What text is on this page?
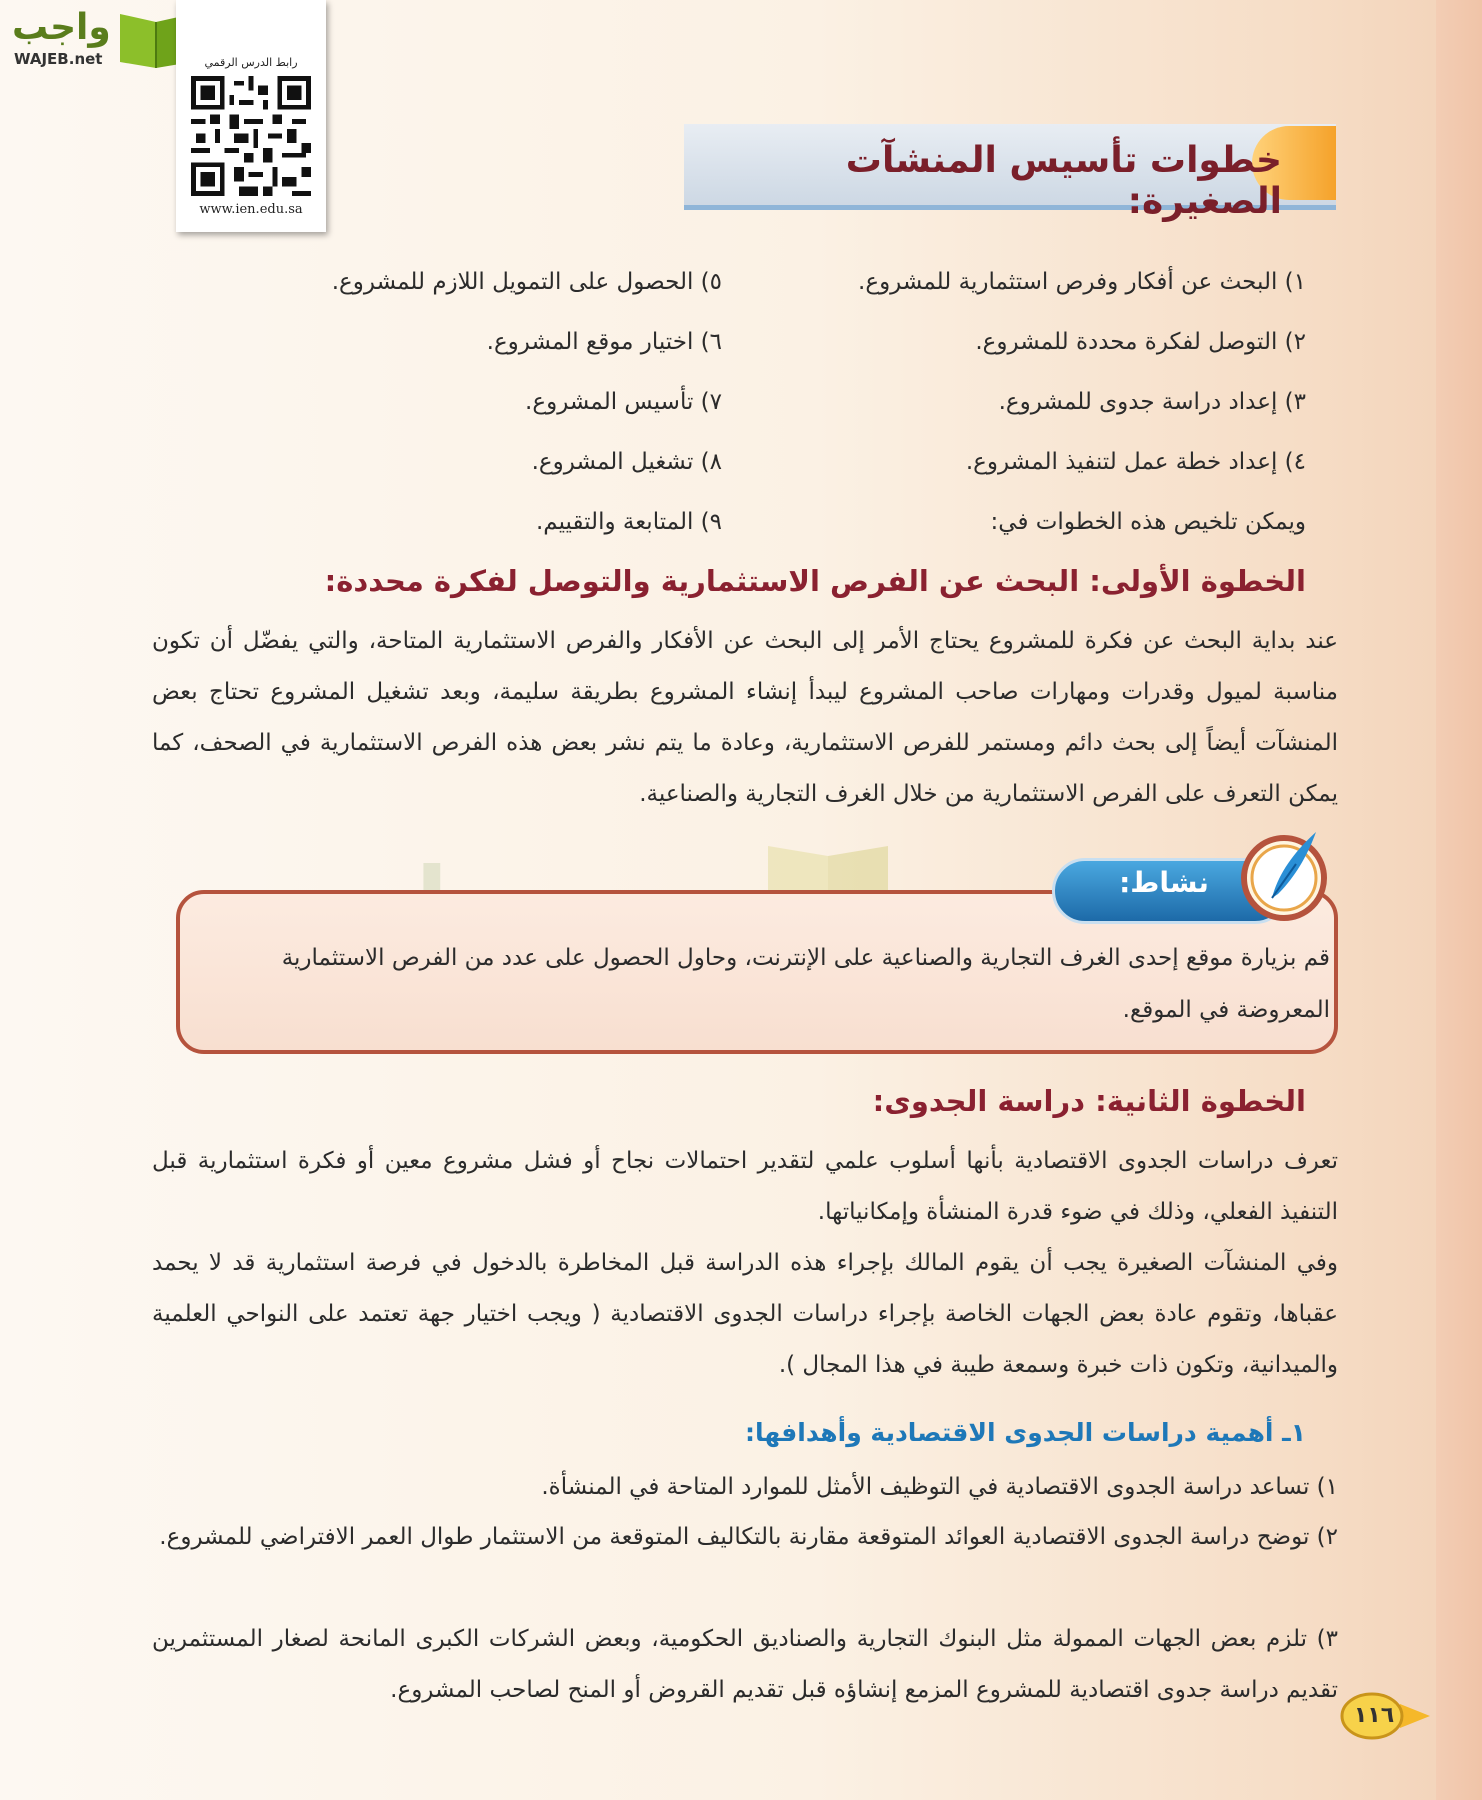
واجب
WAJEB.net	رابط الدرس الرقمي
www.ien.edu.sa
خطوات تأسيس المنشآت الصغيرة:
١) البحث عن أفكار وفرص استثمارية للمشروع.
٢) التوصل لفكرة محددة للمشروع.
٣) إعداد دراسة جدوى للمشروع.
٤) إعداد خطة عمل لتنفيذ المشروع.
ويمكن تلخيص هذه الخطوات في:
٥) الحصول على التمويل اللازم للمشروع.
٦) اختيار موقع المشروع.
٧) تأسيس المشروع.
٨) تشغيل المشروع.
٩) المتابعة والتقييم.
الخطوة الأولى: البحث عن الفرص الاستثمارية والتوصل لفكرة محددة:
عند بداية البحث عن فكرة للمشروع يحتاج الأمر إلى البحث عن الأفكار والفرص الاستثمارية المتاحة، والتي يفضّل أن تكون مناسبة لميول وقدرات ومهارات صاحب المشروع ليبدأ إنشاء المشروع بطريقة سليمة، وبعد تشغيل المشروع تحتاج بعض المنشآت أيضاً إلى بحث دائم ومستمر للفرص الاستثمارية، وعادة ما يتم نشر بعض هذه الفرص الاستثمارية في الصحف، كما يمكن التعرف على الفرص الاستثمارية من خلال الغرف التجارية والصناعية.
نشاط:
قم بزيارة موقع إحدى الغرف التجارية والصناعية على الإنترنت، وحاول الحصول على عدد من الفرص الاستثمارية المعروضة في الموقع.
الخطوة الثانية: دراسة الجدوى:
تعرف دراسات الجدوى الاقتصادية بأنها أسلوب علمي لتقدير احتمالات نجاح أو فشل مشروع معين أو فكرة استثمارية قبل التنفيذ الفعلي، وذلك في ضوء قدرة المنشأة وإمكانياتها.
وفي المنشآت الصغيرة يجب أن يقوم المالك بإجراء هذه الدراسة قبل المخاطرة بالدخول في فرصة استثمارية قد لا يحمد عقباها، وتقوم عادة بعض الجهات الخاصة بإجراء دراسات الجدوى الاقتصادية ( ويجب اختيار جهة تعتمد على النواحي العلمية والميدانية، وتكون ذات خبرة وسمعة طيبة في هذا المجال ).
١ـ أهمية دراسات الجدوى الاقتصادية وأهدافها:
١) تساعد دراسة الجدوى الاقتصادية في التوظيف الأمثل للموارد المتاحة في المنشأة.
٢) توضح دراسة الجدوى الاقتصادية العوائد المتوقعة مقارنة بالتكاليف المتوقعة من الاستثمار طوال العمر الافتراضي للمشروع.
٣) تلزم بعض الجهات الممولة مثل البنوك التجارية والصناديق الحكومية، وبعض الشركات الكبرى المانحة لصغار المستثمرين تقديم دراسة جدوى اقتصادية للمشروع المزمع إنشاؤه قبل تقديم القروض أو المنح لصاحب المشروع.
١١٦
